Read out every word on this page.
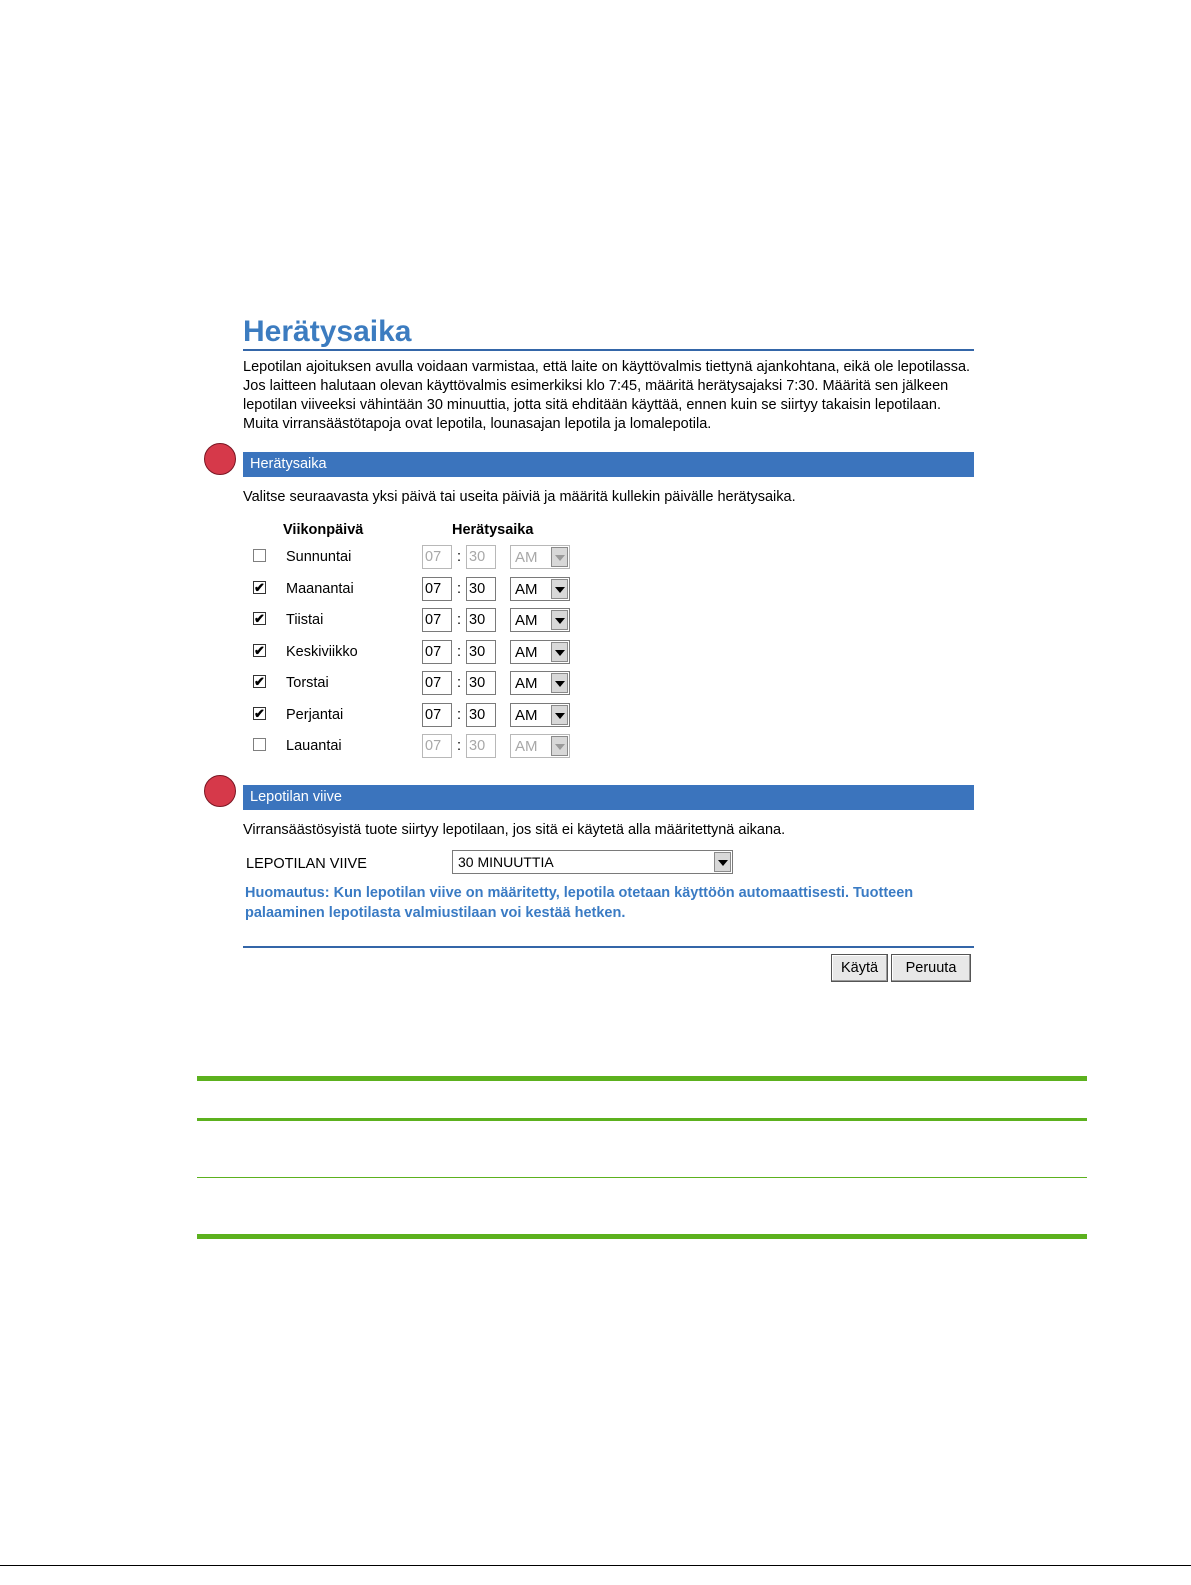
Herätysaika
Lepotilan ajoituksen avulla voidaan varmistaa, että laite on käyttövalmis tiettynä ajankohtana, eikä ole lepotilassa. Jos laitteen halutaan olevan käyttövalmis esimerkiksi klo 7:45, määritä herätysajaksi 7:30. Määritä sen jälkeen lepotilan viiveeksi vähintään 30 minuuttia, jotta sitä ehditään käyttää, ennen kuin se siirtyy takaisin lepotilaan. Muita virransäästötapoja ovat lepotila, lounasajan lepotila ja lomalepotila.
Herätysaika
Valitse seuraavasta yksi päivä tai useita päiviä ja määritä kullekin päivälle herätysaika.
Viikonpäivä	Herätysaika
Sunnuntai	07	: 30	AM
✔ Maanantai	07	: 30	AM
✔ Tiistai	07	: 30	AM
✔ Keskiviikko	07	: 30	AM
✔ Torstai	07	: 30	AM
✔ Perjantai	07	: 30	AM
Lauantai	07	: 30	AM
Lepotilan viive
Virransäästösyistä tuote siirtyy lepotilaan, jos sitä ei käytetä alla määritettynä aikana.
LEPOTILAN VIIVE	30 MINUUTTIA
Huomautus: Kun lepotilan viive on määritetty, lepotila otetaan käyttöön automaattisesti. Tuotteen palaaminen lepotilasta valmiustilaan voi kestää hetken.
Käytä	Peruuta
